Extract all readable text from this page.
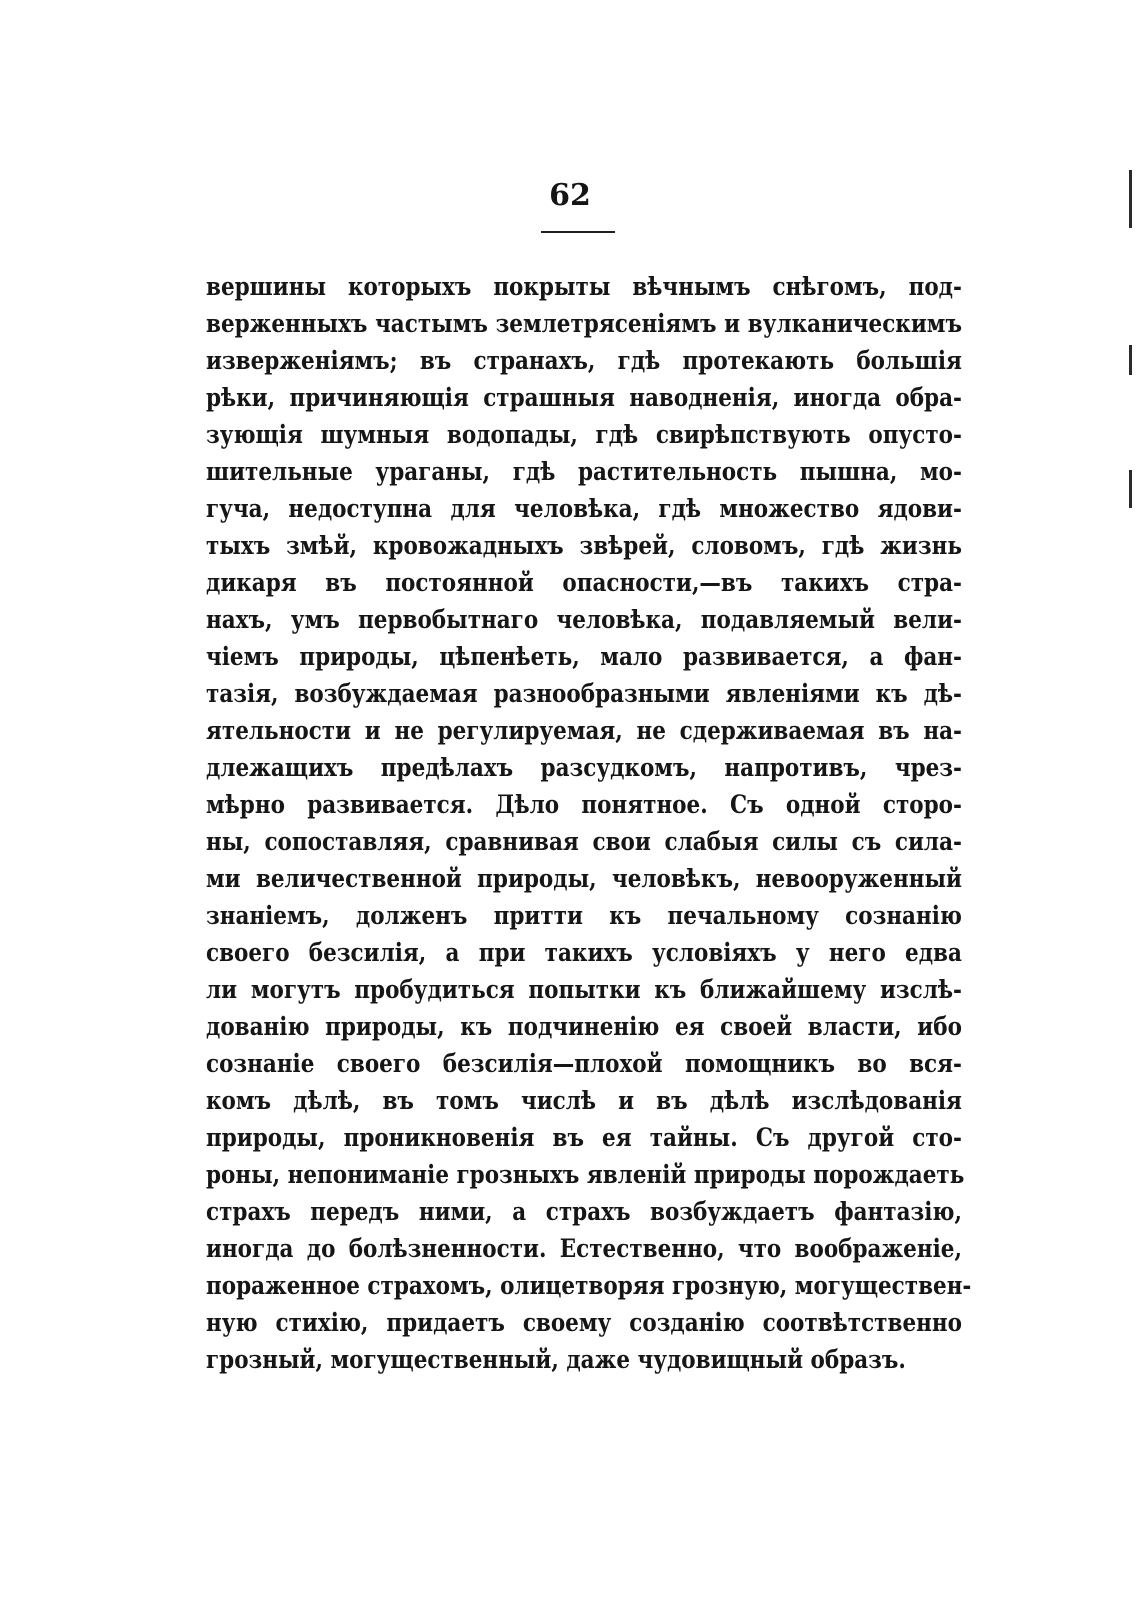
62
вершины которыхъ покрыты вѣчнымъ снѣгомъ, под-
верженныхъ частымъ землетрясеніямъ и вулканическимъ
изверженіямъ; въ странахъ, гдѣ протекають большія
рѣки, причиняющія страшныя наводненія, иногда обра-
зующія шумныя водопады, гдѣ свирѣпствують опусто-
шительные ураганы, гдѣ растительность пышна, мо-
гуча, недоступна для человѣка, гдѣ множество ядови-
тыхъ змѣй, кровожадныхъ звѣрей, словомъ, гдѣ жизнь
дикаря въ постоянной опасности,—въ такихъ стра-
нахъ, умъ первобытнаго человѣка, подавляемый вели-
чіемъ природы, цѣпенѣеть, мало развивается, а фан-
тазія, возбуждаемая разнообразными явленіями къ дѣ-
ятельности и не регулируемая, не сдерживаемая въ на-
длежащихъ предѣлахъ разсудкомъ, напротивъ, чрез-
мѣрно развивается. Дѣло понятное. Съ одной сторо-
ны, сопоставляя, сравнивая свои слабыя силы съ сила-
ми величественной природы, человѣкъ, невооруженный
знаніемъ, долженъ притти къ печальному сознанію
своего безсилія, а при такихъ условіяхъ у него едва
ли могутъ пробудиться попытки къ ближайшему изслѣ-
дованію природы, къ подчиненію ея своей власти, ибо
сознаніе своего безсилія—плохой помощникъ во вся-
комъ дѣлѣ, въ томъ числѣ и въ дѣлѣ изслѣдованія
природы, проникновенія въ ея тайны. Съ другой сто-
роны, непониманіе грозныхъ явленій природы порождаеть
страхъ передъ ними, а страхъ возбуждаетъ фантазію,
иногда до болѣзненности. Естественно, что воображеніе,
пораженное страхомъ, олицетворяя грозную, могуществен-
ную стихію, придаетъ своему созданію соотвѣтственно
грозный, могущественный, даже чудовищный образъ.
